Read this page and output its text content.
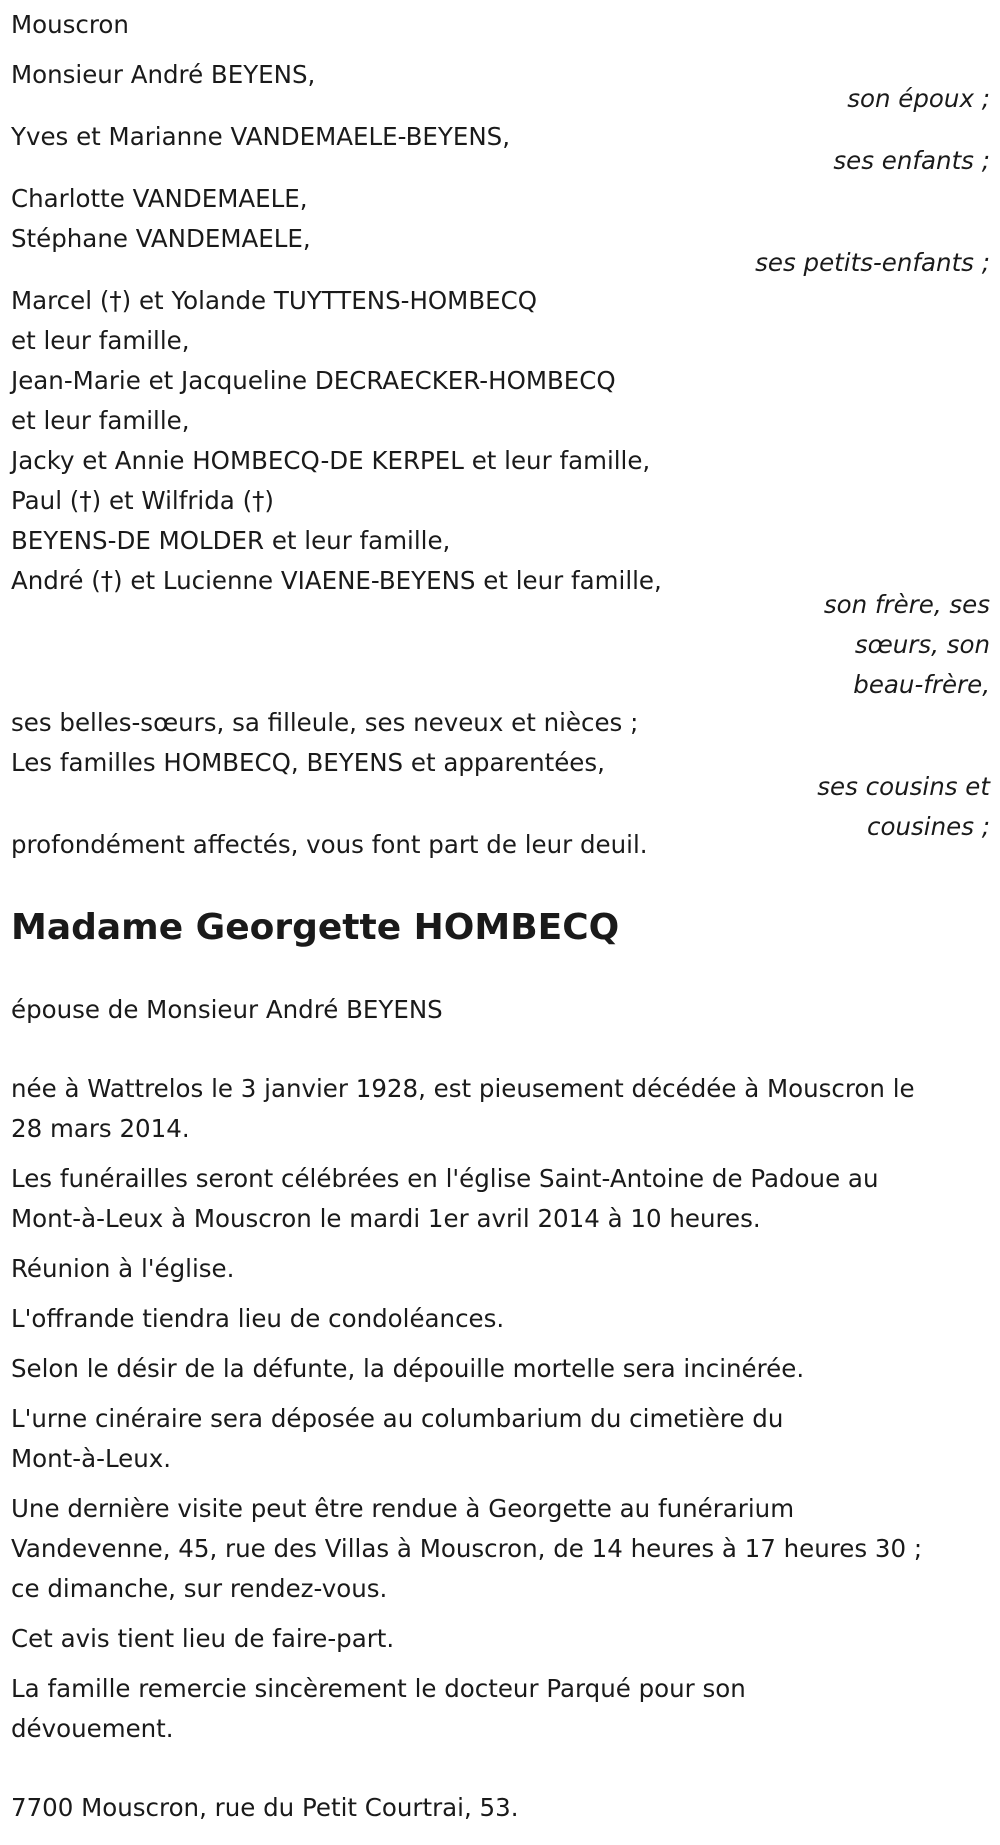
Mouscron
Monsieur André BEYENS,
son époux ;
Yves et Marianne VANDEMAELE-BEYENS,
ses enfants ;
Charlotte VANDEMAELE,
Stéphane VANDEMAELE,
ses petits-enfants ;
Marcel (†) et Yolande TUYTTENS-HOMBECQ
et leur famille,
Jean-Marie et Jacqueline DECRAECKER-HOMBECQ
et leur famille,
Jacky et Annie HOMBECQ-DE KERPEL et leur famille,
Paul (†) et Wilfrida (†)
BEYENS-DE MOLDER et leur famille,
André (†) et Lucienne VIAENE-BEYENS et leur famille,
son frère, ses
sœurs, son
beau-frère,
ses belles-sœurs, sa filleule, ses neveux et nièces ;
Les familles HOMBECQ, BEYENS et apparentées,
ses cousins et
cousines ;
profondément affectés, vous font part de leur deuil.
Madame Georgette HOMBECQ
épouse de Monsieur André BEYENS
née à Wattrelos le 3 janvier 1928, est pieusement décédée à Mouscron le
28 mars 2014.
Les funérailles seront célébrées en l'église Saint-Antoine de Padoue au
Mont-à-Leux à Mouscron le mardi 1er avril 2014 à 10 heures.
Réunion à l'église.
L'offrande tiendra lieu de condoléances.
Selon le désir de la défunte, la dépouille mortelle sera incinérée.
L'urne cinéraire sera déposée au columbarium du cimetière du
Mont-à-Leux.
Une dernière visite peut être rendue à Georgette au funérarium
Vandevenne, 45, rue des Villas à Mouscron, de 14 heures à 17 heures 30 ;
ce dimanche, sur rendez-vous.
Cet avis tient lieu de faire-part.
La famille remercie sincèrement le docteur Parqué pour son
dévouement.
7700 Mouscron, rue du Petit Courtrai, 53.
